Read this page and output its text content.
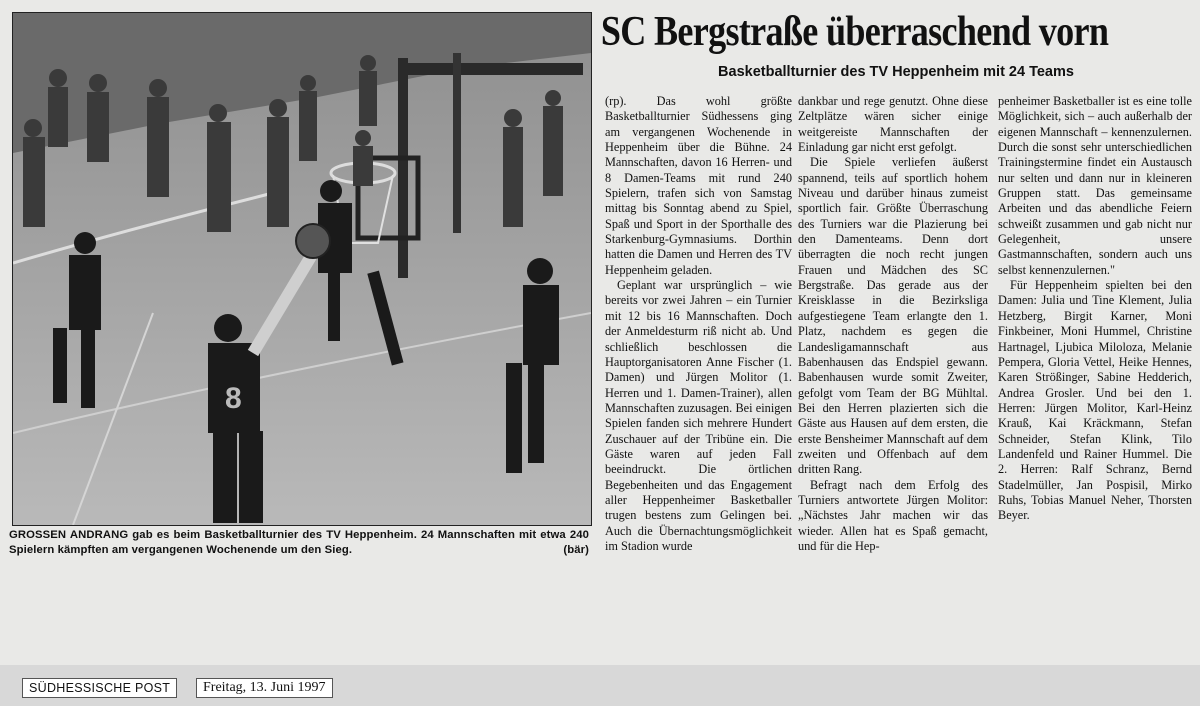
8
GROSSEN ANDRANG gab es beim Basketballturnier des TV Heppenheim. 24 Mannschaften mit etwa 240 Spielern kämpften am vergangenen Wochenende um den Sieg.	(bär)
SC Bergstraße überraschend vorn
Basketballturnier des TV Heppenheim mit 24 Teams

(rp). Das wohl größte Basketballturnier Südhessens ging am vergangenen Wochenende in Heppenheim über die Bühne. 24 Mannschaften, davon 16 Herren- und 8 Damen-Teams mit rund 240 Spielern, trafen sich von Samstag mittag bis Sonntag abend zu Spiel, Spaß und Sport in der Sporthalle des Starkenburg-Gymnasiums. Dorthin hatten die Damen und Herren des TV Heppenheim geladen.

Geplant war ursprünglich – wie bereits vor zwei Jahren – ein Turnier mit 12 bis 16 Mannschaften. Doch der Anmeldesturm riß nicht ab. Und schließlich beschlossen die Hauptorganisatoren Anne Fischer (1. Damen) und Jürgen Molitor (1. Herren und 1. Damen-Trainer), allen Mannschaften zuzusagen. Bei einigen Spielen fanden sich mehrere Hundert Zuschauer auf der Tribüne ein. Die Gäste waren auf jeden Fall beeindruckt. Die örtlichen Begebenheiten und das Engagement aller Heppenheimer Basketballer trugen bestens zum Gelingen bei. Auch die Übernachtungsmöglichkeit im Stadion wurde

dankbar und rege genutzt. Ohne diese Zeltplätze wären sicher einige weitgereiste Mannschaften der Einladung gar nicht erst gefolgt.

Die Spiele verliefen äußerst spannend, teils auf sportlich hohem Niveau und darüber hinaus zumeist sportlich fair. Größte Überraschung des Turniers war die Plazierung bei den Damenteams. Denn dort überragten die noch recht jungen Frauen und Mädchen des SC Bergstraße. Das gerade aus der Kreisklasse in die Bezirksliga aufgestiegene Team erlangte den 1. Platz, nachdem es gegen die Landesligamannschaft aus Babenhausen das Endspiel gewann. Babenhausen wurde somit Zweiter, gefolgt vom Team der BG Mühltal. Bei den Herren plazierten sich die Gäste aus Hausen auf dem ersten, die erste Bensheimer Mannschaft auf dem zweiten und Offenbach auf dem dritten Rang.

Befragt nach dem Erfolg des Turniers antwortete Jürgen Molitor: „Nächstes Jahr machen wir das wieder. Allen hat es Spaß gemacht, und für die Hep-

penheimer Basketballer ist es eine tolle Möglichkeit, sich – auch außerhalb der eigenen Mannschaft – kennenzulernen. Durch die sonst sehr unterschiedlichen Trainingstermine findet ein Austausch nur selten und dann nur in kleineren Gruppen statt. Das gemeinsame Arbeiten und das abendliche Feiern schweißt zusammen und gab nicht nur Gelegenheit, unsere Gastmannschaften, sondern auch uns selbst kennenzulernen."

Für Heppenheim spielten bei den Damen: Julia und Tine Klement, Julia Hetzberg, Birgit Karner, Moni Finkbeiner, Moni Hummel, Christine Hartnagel, Ljubica Miloloza, Melanie Pempera, Gloria Vettel, Heike Hennes, Karen Strößinger, Sabine Hedderich, Andrea Grosler. Und bei den 1. Herren: Jürgen Molitor, Karl-Heinz Krauß, Kai Kräckmann, Stefan Schneider, Stefan Klink, Tilo Landenfeld und Rainer Hummel. Die 2. Herren: Ralf Schranz, Bernd Stadelmüller, Jan Pospisil, Mirko Ruhs, Tobias Manuel Neher, Thorsten Beyer.

SÜDHESSISCHE POST	Freitag, 13. Juni 1997
